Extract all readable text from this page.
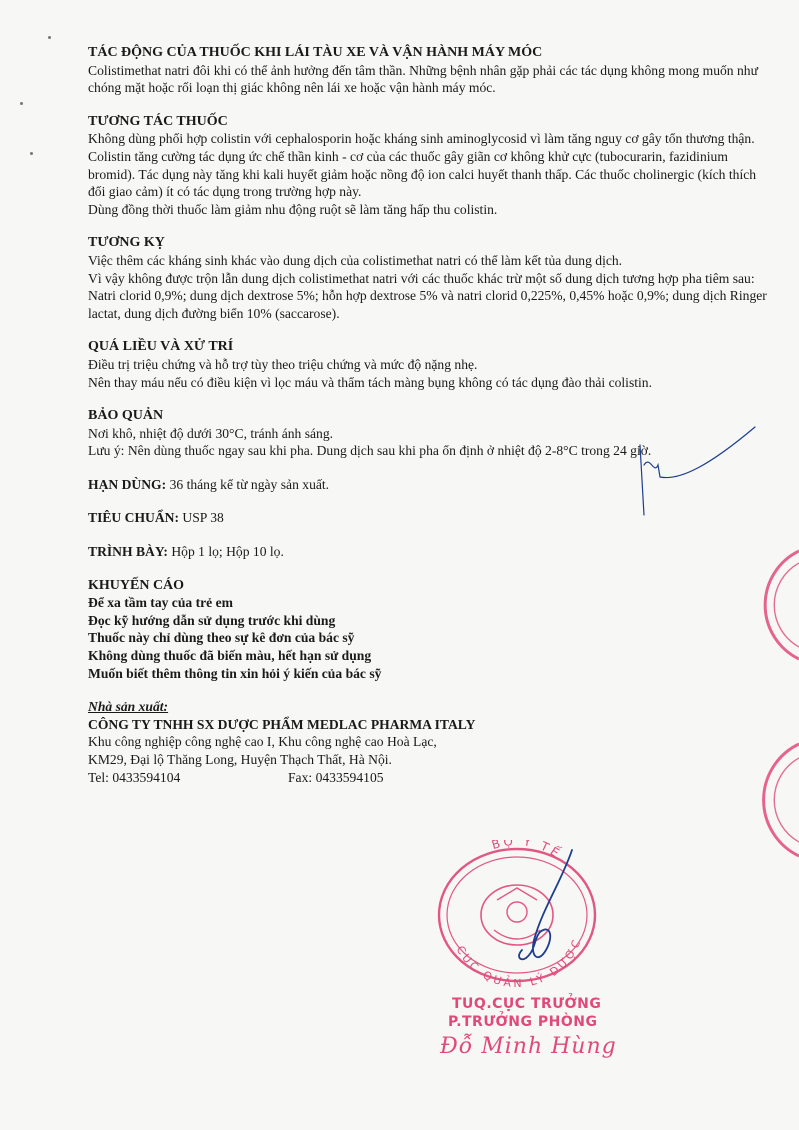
TÁC ĐỘNG CỦA THUỐC KHI LÁI TÀU XE VÀ VẬN HÀNH MÁY MÓC

Colistimethat natri đôi khi có thể ảnh hưởng đến tâm thần. Những bệnh nhân gặp phải các tác dụng không mong muốn như chóng mặt hoặc rối loạn thị giác không nên lái xe hoặc vận hành máy móc.

TƯƠNG TÁC THUỐC

Không dùng phối hợp colistin với cephalosporin hoặc kháng sinh aminoglycosid vì làm tăng nguy cơ gây tổn thương thận.

Colistin tăng cường tác dụng ức chế thần kinh - cơ của các thuốc gây giãn cơ không khử cực (tubocurarin, fazidinium bromid). Tác dụng này tăng khi kali huyết giảm hoặc nồng độ ion calci huyết thanh thấp. Các thuốc cholinergic (kích thích đối giao cảm) ít có tác dụng trong trường hợp này.

Dùng đồng thời thuốc làm giảm nhu động ruột sẽ làm tăng hấp thu colistin.

TƯƠNG KỴ

Việc thêm các kháng sinh khác vào dung dịch của colistimethat natri có thể làm kết tủa dung dịch.

Vì vậy không được trộn lẫn dung dịch colistimethat natri với các thuốc khác trừ một số dung dịch tương hợp pha tiêm sau: Natri clorid 0,9%; dung dịch dextrose 5%; hỗn hợp dextrose 5% và natri clorid 0,225%, 0,45% hoặc 0,9%; dung dịch Ringer lactat, dung dịch đường biển 10% (saccarose).

QUÁ LIỀU VÀ XỬ TRÍ

Điều trị triệu chứng và hỗ trợ tùy theo triệu chứng và mức độ nặng nhẹ.

Nên thay máu nếu có điều kiện vì lọc máu và thẩm tách màng bụng không có tác dụng đào thải colistin.

BẢO QUẢN

Nơi khô, nhiệt độ dưới 30°C, tránh ánh sáng.

Lưu ý: Nên dùng thuốc ngay sau khi pha. Dung dịch sau khi pha ổn định ở nhiệt độ 2-8°C trong 24 giờ.

HẠN DÙNG: 36 tháng kể từ ngày sản xuất.

TIÊU CHUẨN: USP 38

TRÌNH BÀY: Hộp 1 lọ; Hộp 10 lọ.

KHUYẾN CÁO

Để xa tầm tay của trẻ em

Đọc kỹ hướng dẫn sử dụng trước khi dùng

Thuốc này chỉ dùng theo sự kê đơn của bác sỹ

Không dùng thuốc đã biến màu, hết hạn sử dụng

Muốn biết thêm thông tin xin hỏi ý kiến của bác sỹ

Nhà sản xuất:

CÔNG TY TNHH SX DƯỢC PHẨM MEDLAC PHARMA ITALY

Khu công nghiệp công nghệ cao I, Khu công nghệ cao Hoà Lạc,

KM29, Đại lộ Thăng Long, Huyện Thạch Thất, Hà Nội.

Tel: 0433594104	Fax: 0433594105
BỘ Y TẾ
CỤC QUẢN LÝ DƯỢC
TUQ.CỤC TRƯỞNG
P.TRƯỞNG PHÒNG
Đỗ Minh Hùng
